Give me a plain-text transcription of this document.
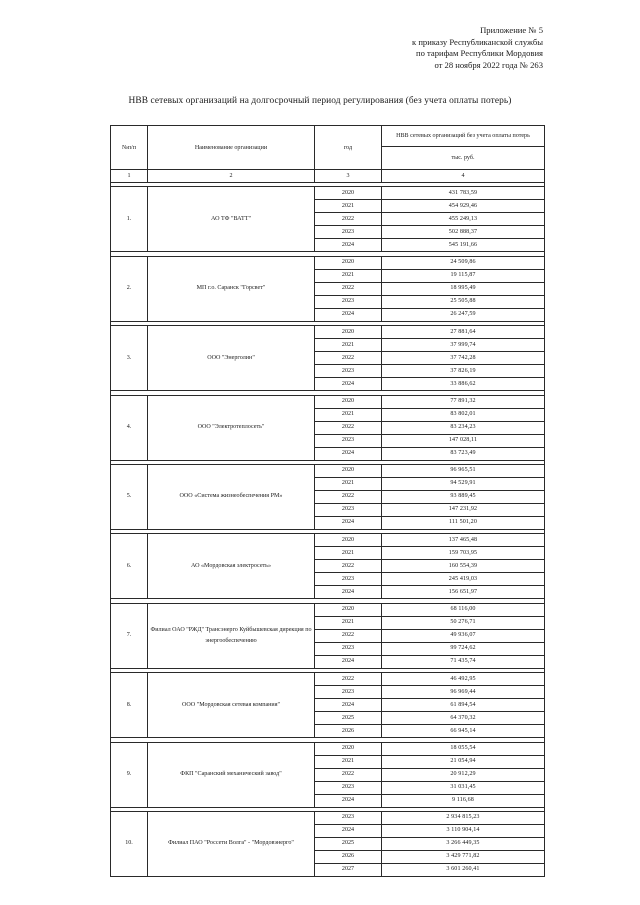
Приложение № 5
к приказу Республиканской службы
по тарифам Республики Мордовия
от 28 ноября 2022 года № 263
НВВ сетевых организаций на долгосрочный период регулирования (без учета оплаты потерь)
№п/п	Наименование организации	год	НВВ сетевых организаций без учета оплаты потерь
			тыс. руб.
1	2	3	4

1.	АО ТФ "ВАТТ"	2020	431 783,59
		2021	454 929,46
		2022	455 249,13
		2023	502 888,37
		2024	545 191,66

2.	МП г.о. Саранск "Горсвет"	2020	24 509,86
		2021	19 115,87
		2022	18 995,49
		2023	25 505,88
		2024	26 247,59

3.	ООО "Энерголин"	2020	27 881,64
		2021	37 999,74
		2022	37 742,28
		2023	37 826,19
		2024	33 886,62

4.	ООО "Электротеплосеть"	2020	77 891,32
		2021	83 802,01
		2022	83 234,23
		2023	147 028,11
		2024	83 723,49

5.	ООО «Система жизнеобеспечения РМ»	2020	96 965,51
		2021	94 529,91
		2022	93 889,45
		2023	147 231,92
		2024	111 501,20

6.	АО «Мордовская электросеть»	2020	137 465,48
		2021	159 703,95
		2022	160 554,39
		2023	245 419,03
		2024	156 651,97

7.	Филиал ОАО "РЖД" Трансэнерго Куйбышевская дирекция по энергообеспечению	2020	68 116,00
		2021	50 276,71
		2022	49 936,07
		2023	99 724,62
		2024	71 435,74

8.	ООО "Мордовская сетевая компания"	2022	46 492,95
		2023	96 969,44
		2024	61 894,54
		2025	64 370,32
		2026	66 945,14

9.	ФКП "Саранский механический завод"	2020	18 055,54
		2021	21 054,94
		2022	20 912,29
		2023	31 031,45
		2024	9 116,68

10.	Филиал ПАО "Россети Волга" - "Мордовэнерго"	2023	2 934 815,23
		2024	3 110 904,14
		2025	3 266 449,35
		2026	3 429 771,82
		2027	3 601 260,41
